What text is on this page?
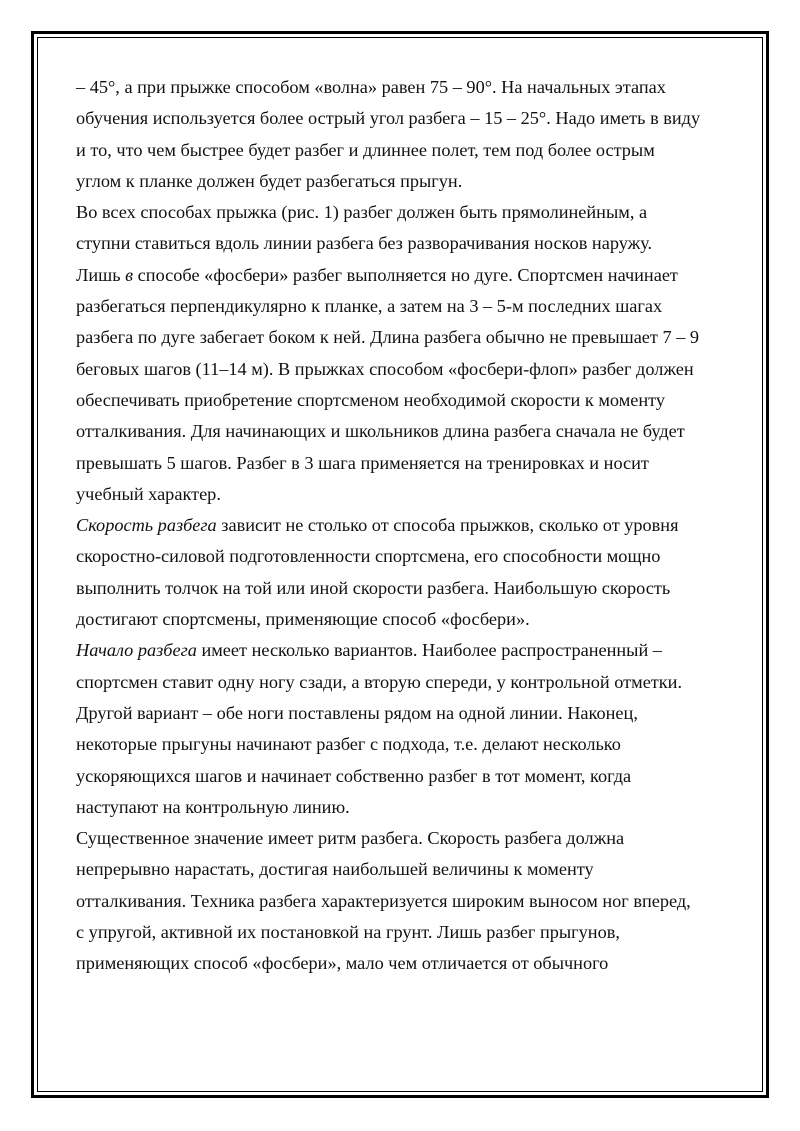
– 45°, а при прыжке способом «волна» равен 75 – 90°. На начальных этапах
обучения используется более острый угол разбега – 15 – 25°. Надо иметь в виду
и то, что чем быстрее будет разбег и длиннее полет, тем под более острым
углом к планке должен будет разбегаться прыгун.
Во всех способах прыжка (рис. 1) разбег должен быть прямолинейным, а
ступни ставиться вдоль линии разбега без разворачивания носков наружу.
Лишь в способе «фосбери» разбег выполняется но дуге. Спортсмен начинает
разбегаться перпендикулярно к планке, а затем на 3 – 5-м последних шагах
разбега по дуге забегает боком к ней. Длина разбега обычно не превышает 7 – 9
беговых шагов (11–14 м). В прыжках способом «фосбери-флоп» разбег должен
обеспечивать приобретение спортсменом необходимой скорости к моменту
отталкивания. Для начинающих и школьников длина разбега сначала не будет
превышать 5 шагов. Разбег в 3 шага применяется на тренировках и носит
учебный характер.
Скорость разбега зависит не столько от способа прыжков, сколько от уровня
скоростно-силовой подготовленности спортсмена, его способности мощно
выполнить толчок на той или иной скорости разбега. Наибольшую скорость
достигают спортсмены, применяющие способ «фосбери».
Начало разбега имеет несколько вариантов. Наиболее распространенный –
спортсмен ставит одну ногу сзади, а вторую спереди, у контрольной отметки.
Другой вариант – обе ноги поставлены рядом на одной линии. Наконец,
некоторые прыгуны начинают разбег с подхода, т.е. делают несколько
ускоряющихся шагов и начинает собственно разбег в тот момент, когда
наступают на контрольную линию.
Существенное значение имеет ритм разбега. Скорость разбега должна
непрерывно нарастать, достигая наибольшей величины к моменту
отталкивания. Техника разбега характеризуется широким выносом ног вперед,
с упругой, активной их постановкой на грунт. Лишь разбег прыгунов,
применяющих способ «фосбери», мало чем отличается от обычного
